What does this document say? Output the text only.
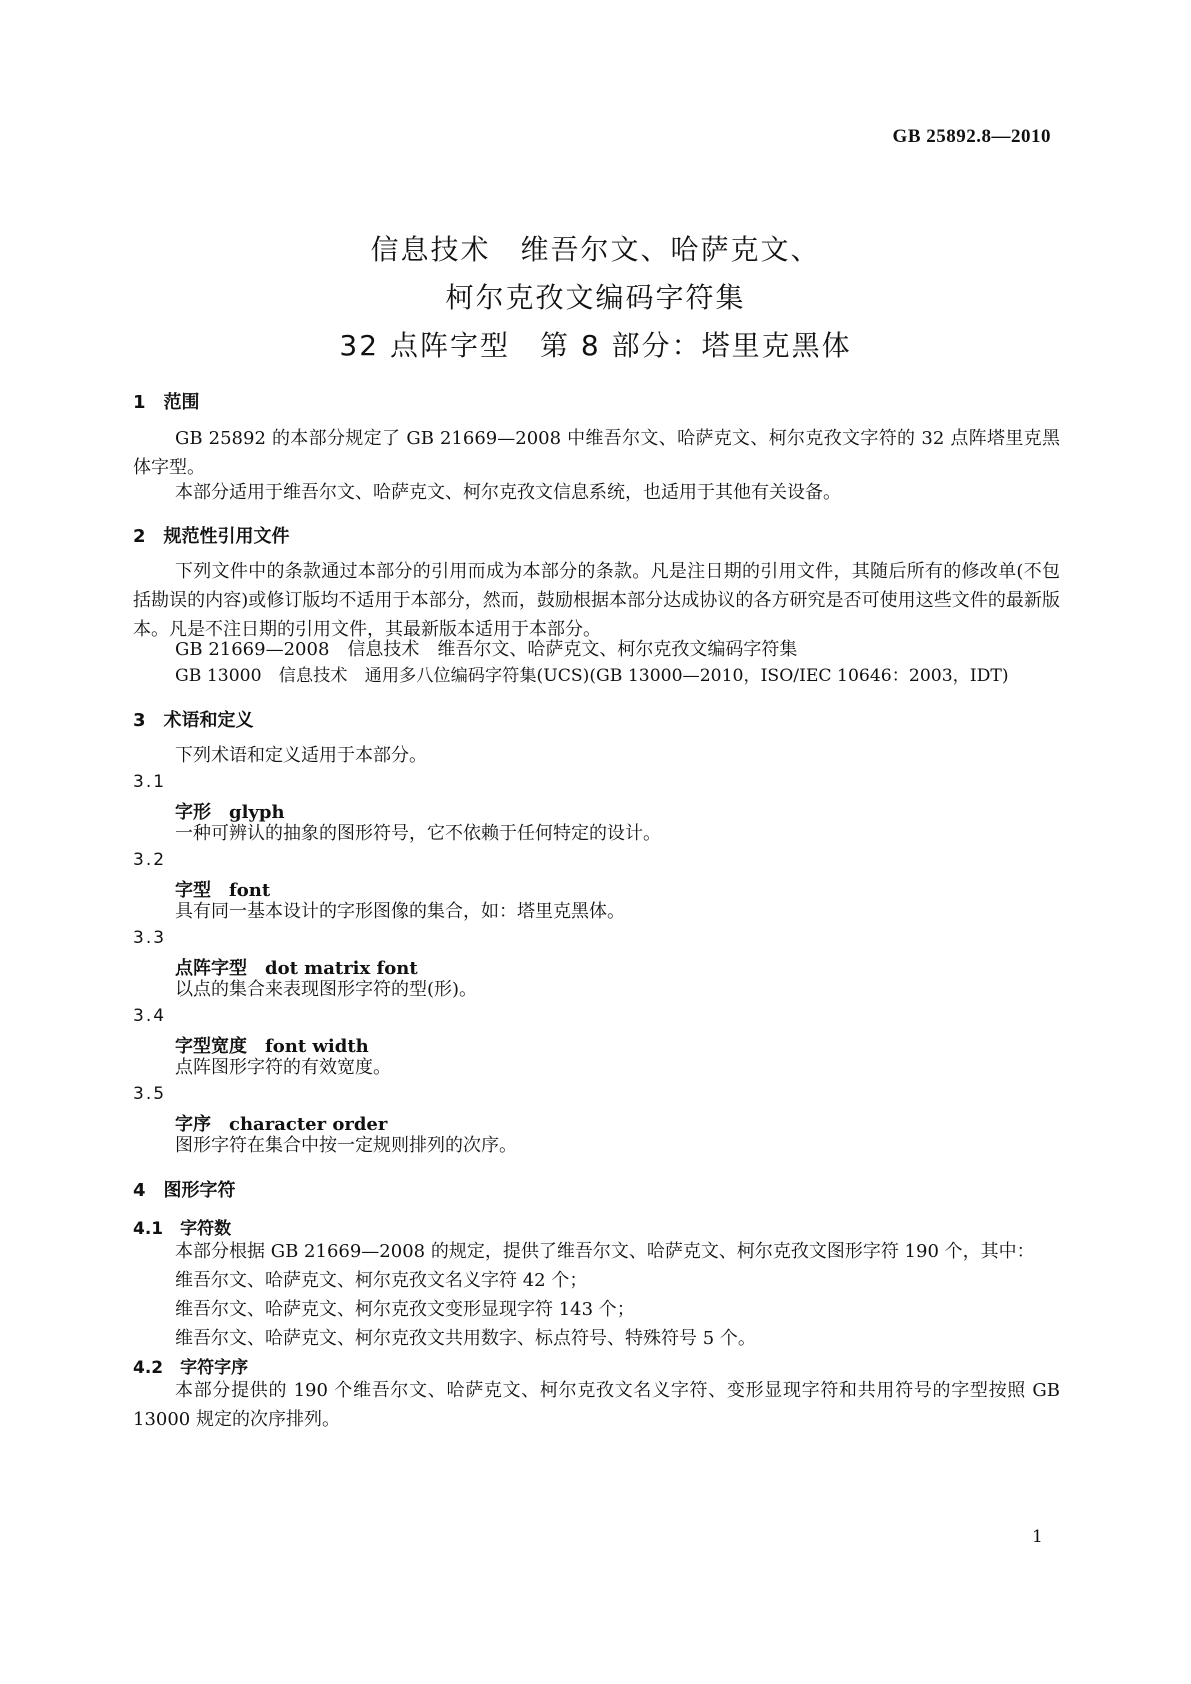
GB 25892.8—2010
信息技术　维吾尔文、哈萨克文、
柯尔克孜文编码字符集
32 点阵字型　第 8 部分：塔里克黑体
1　范围

GB 25892 的本部分规定了 GB 21669—2008 中维吾尔文、哈萨克文、柯尔克孜文字符的 32 点阵塔里克黑体字型。

本部分适用于维吾尔文、哈萨克文、柯尔克孜文信息系统，也适用于其他有关设备。

2　规范性引用文件

下列文件中的条款通过本部分的引用而成为本部分的条款。凡是注日期的引用文件，其随后所有的修改单(不包括勘误的内容)或修订版均不适用于本部分，然而，鼓励根据本部分达成协议的各方研究是否可使用这些文件的最新版本。凡是不注日期的引用文件，其最新版本适用于本部分。

GB 21669—2008　信息技术　维吾尔文、哈萨克文、柯尔克孜文编码字符集

GB 13000　信息技术　通用多八位编码字符集(UCS)(GB 13000—2010，ISO/IEC 10646：2003，IDT)

3　术语和定义

下列术语和定义适用于本部分。

3.1
字形　glyph

一种可辨认的抽象的图形符号，它不依赖于任何特定的设计。

3.2
字型　font

具有同一基本设计的字形图像的集合，如：塔里克黑体。

3.3
点阵字型　dot matrix font

以点的集合来表现图形字符的型(形)。

3.4
字型宽度　font width

点阵图形字符的有效宽度。

3.5
字序　character order

图形字符在集合中按一定规则排列的次序。

4　图形字符
4.1　字符数

本部分根据 GB 21669—2008 的规定，提供了维吾尔文、哈萨克文、柯尔克孜文图形字符 190 个，其中：

维吾尔文、哈萨克文、柯尔克孜文名义字符 42 个；

维吾尔文、哈萨克文、柯尔克孜文变形显现字符 143 个；

维吾尔文、哈萨克文、柯尔克孜文共用数字、标点符号、特殊符号 5 个。

4.2　字符字序

本部分提供的 190 个维吾尔文、哈萨克文、柯尔克孜文名义字符、变形显现字符和共用符号的字型按照 GB 13000 规定的次序排列。

1
